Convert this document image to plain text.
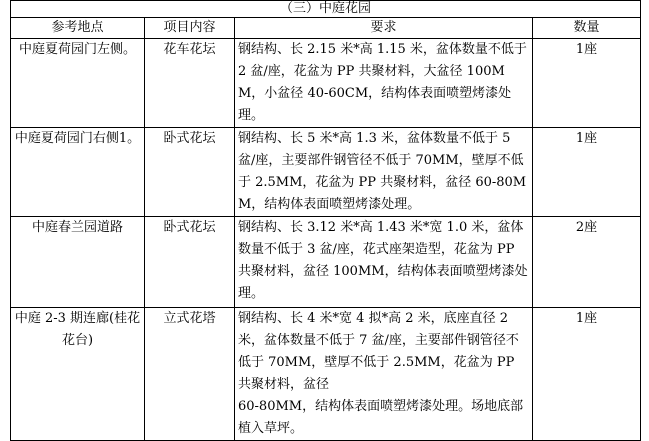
（三）中庭花园			
参考地点	项目内容	要求	数量
中庭夏荷园门左侧。	花车花坛	钢结构、长 2.15 米*高 1.15 米，盆体数量不低于 2 盆/座，花盆为 PP 共聚材料，大盆径 100MM，小盆径 40-60CM，结构体表面喷塑烤漆处理。	1座
中庭夏荷园门右侧1。	卧式花坛	钢结构、长 5 米*高 1.3 米，盆体数量不低于 5 盆/座，主要部件钢管径不低于 70MM，壁厚不低于 2.5MM，花盆为 PP 共聚材料，盆径 60-80MM，结构体表面喷塑烤漆处理。	1座
中庭春兰园道路	卧式花坛	钢结构、长 3.12 米*高 1.43 米*宽 1.0 米，盆体数量不低于 3 盆/座，花式座架造型，花盆为 PP 共聚材料，盆径 100MM，结构体表面喷塑烤漆处理。	2座
中庭 2-3 期连廊(桂花花台)	立式花塔	钢结构、长 4 米*宽 4 拟*高 2 米，底座直径 2 米，盆体数量不低于 7 盆/座，主要部件钢管径不低于 70MM，壁厚不低于 2.5MM，花盆为 PP 共聚材料，盆径
60-80MM，结构体表面喷塑烤漆处理。场地底部植入草坪。	1座
